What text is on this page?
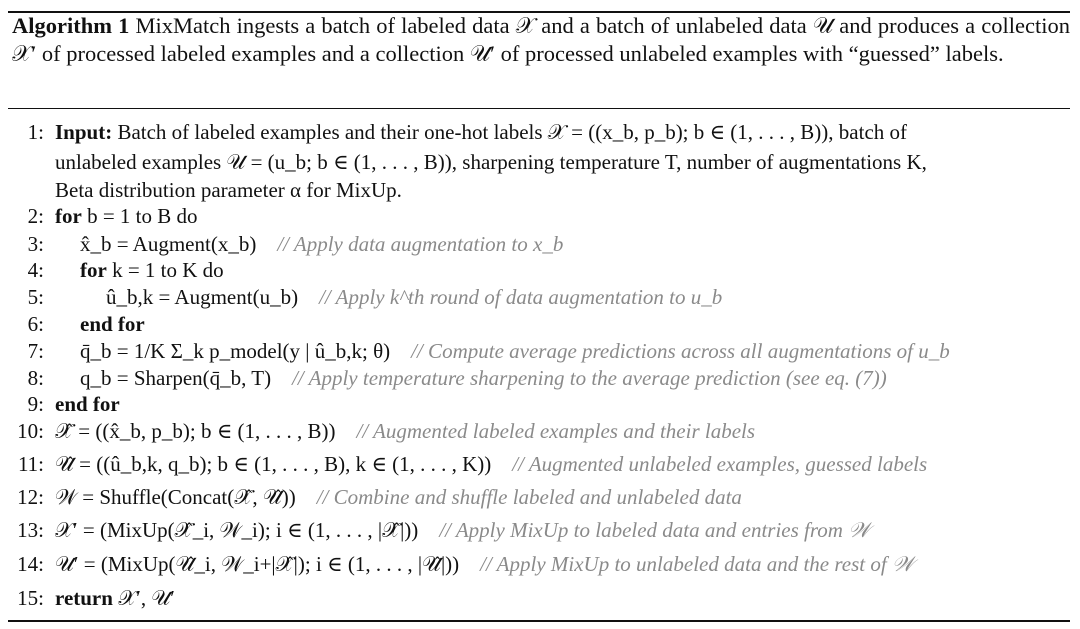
Algorithm 1 MixMatch ingests a batch of labeled data 𝒳 and a batch of unlabeled data 𝒰 and produces a collection 𝒳′ of processed labeled examples and a collection 𝒰′ of processed unlabeled examples with “guessed” labels.
1: Input: Batch of labeled examples and their one-hot labels 𝒳 = ((x_b, p_b); b ∈ (1, . . . , B)), batch of
unlabeled examples 𝒰 = (u_b; b ∈ (1, . . . , B)), sharpening temperature T, number of augmentations K,
Beta distribution parameter α for MixUp.
2: for b = 1 to B do
3: x̂_b = Augment(x_b) // Apply data augmentation to x_b
4: for k = 1 to K do
5:	û_b,k = Augment(u_b) // Apply k^th round of data augmentation to u_b
6: end for
7: q̄_b = 1/K Σ_k p_model(y | û_b,k; θ) // Compute average predictions across all augmentations of u_b
8: q_b = Sharpen(q̄_b, T) // Apply temperature sharpening to the average prediction (see eq. (7))
9: end for
10: 𝒳̂ = ((x̂_b, p_b); b ∈ (1, . . . , B)) // Augmented labeled examples and their labels
11: 𝒰̂ = ((û_b,k, q_b); b ∈ (1, . . . , B), k ∈ (1, . . . , K)) // Augmented unlabeled examples, guessed labels
12: 𝒲 = Shuffle(Concat(𝒳̂, 𝒰̂)) // Combine and shuffle labeled and unlabeled data
13: 𝒳′ = (MixUp(𝒳̂_i, 𝒲_i); i ∈ (1, . . . , |𝒳̂|)) // Apply MixUp to labeled data and entries from 𝒲
14: 𝒰′ = (MixUp(𝒰̂_i, 𝒲_i+|𝒳̂|); i ∈ (1, . . . , |𝒰̂|)) // Apply MixUp to unlabeled data and the rest of 𝒲
15: return 𝒳′, 𝒰′
